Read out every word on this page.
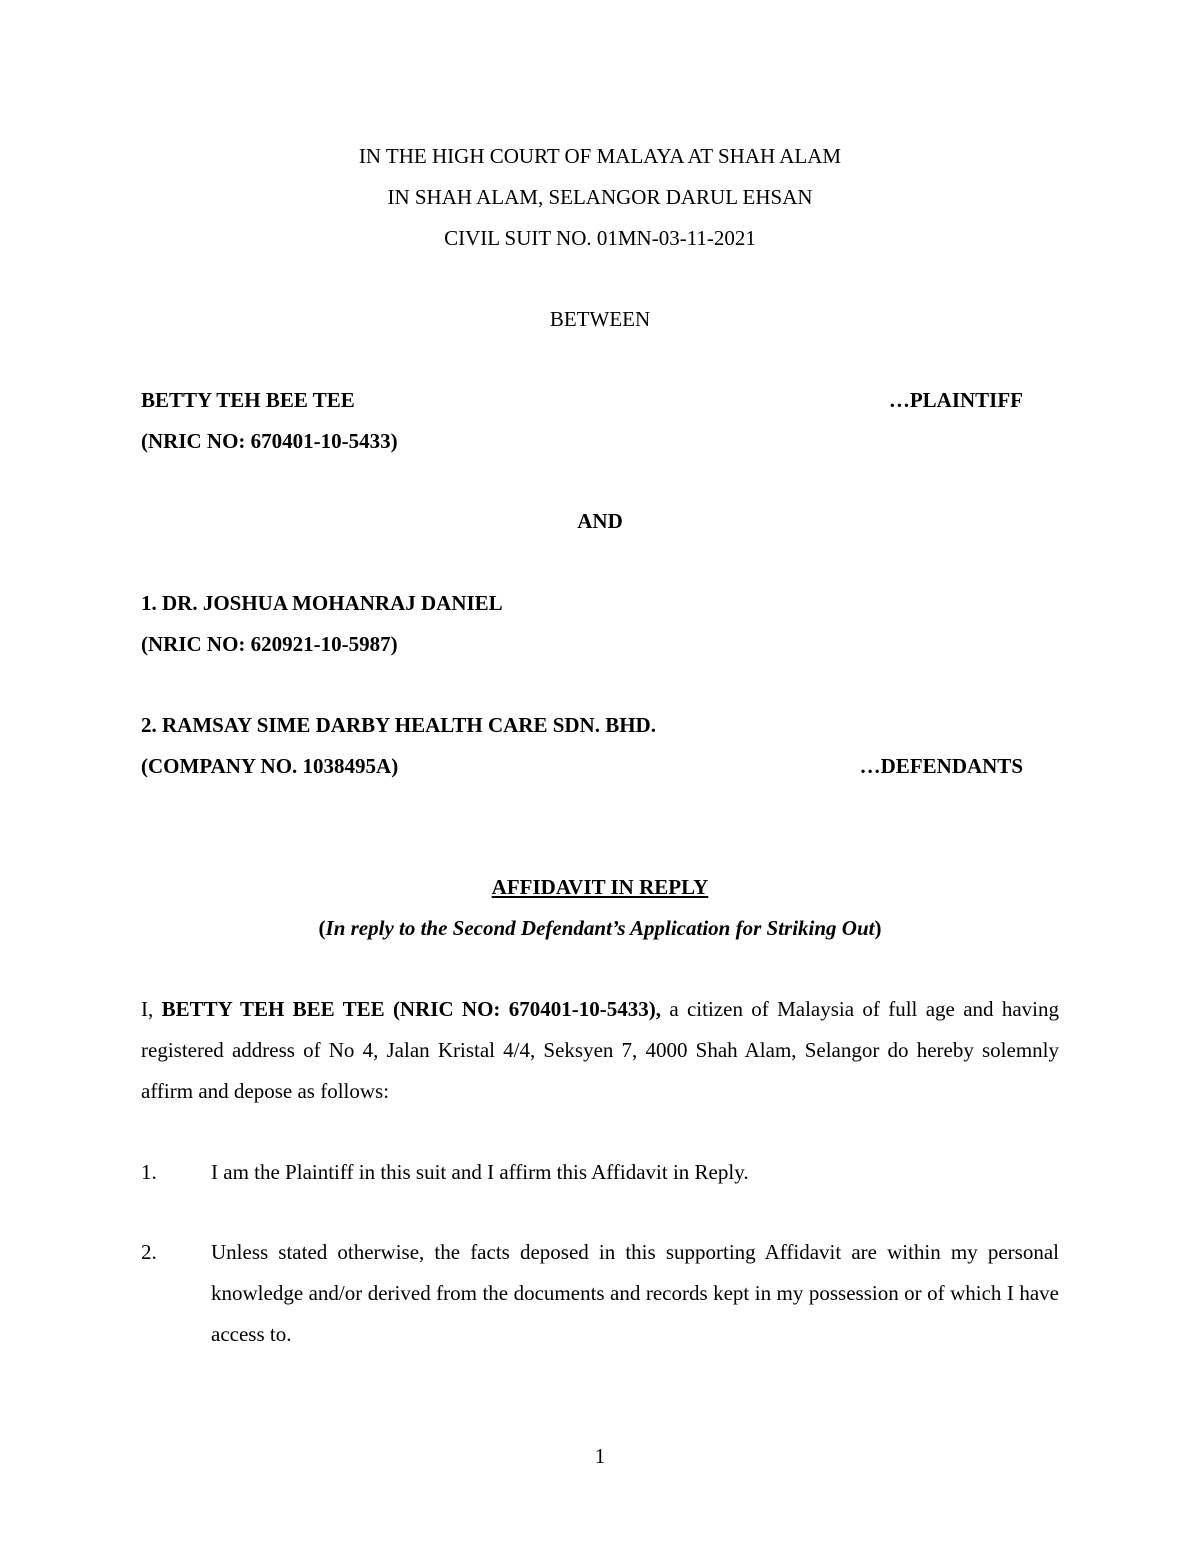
IN THE HIGH COURT OF MALAYA AT SHAH ALAM
IN SHAH ALAM, SELANGOR DARUL EHSAN
CIVIL SUIT NO. 01MN-03-11-2021
BETWEEN
BETTY TEH BEE TEE	…PLAINTIFF
(NRIC NO: 670401-10-5433)
AND
1. DR. JOSHUA MOHANRAJ DANIEL
(NRIC NO: 620921-10-5987)
2. RAMSAY SIME DARBY HEALTH CARE SDN. BHD.
(COMPANY NO. 1038495A)	…DEFENDANTS
AFFIDAVIT IN REPLY
(In reply to the Second Defendant’s Application for Striking Out)
I, BETTY TEH BEE TEE (NRIC NO: 670401-10-5433), a citizen of Malaysia of full age and having registered address of No 4, Jalan Kristal 4/4, Seksyen 7, 4000 Shah Alam, Selangor do hereby solemnly affirm and depose as follows:
1.	I am the Plaintiff in this suit and I affirm this Affidavit in Reply.
2.	Unless stated otherwise, the facts deposed in this supporting Affidavit are within my personal knowledge and/or derived from the documents and records kept in my possession or of which I have access to.
1
